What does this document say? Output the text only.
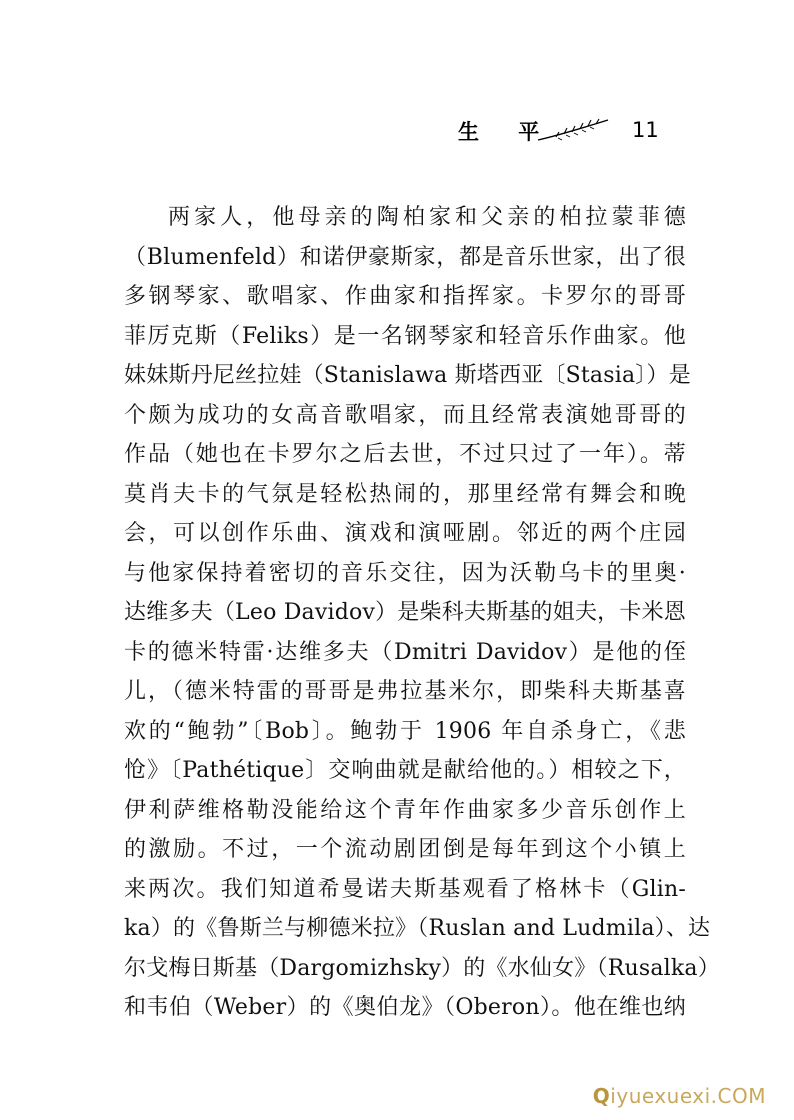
生 平	11
两家人，他母亲的陶柏家和父亲的柏拉蒙菲德
（Blumenfeld）和诺伊豪斯家，都是音乐世家，出了很
多钢琴家、歌唱家、作曲家和指挥家。卡罗尔的哥哥
菲厉克斯（Feliks）是一名钢琴家和轻音乐作曲家。他
妹妹斯丹尼丝拉娃（Stanislawa 斯塔西亚〔Stasia〕）是
个颇为成功的女高音歌唱家，而且经常表演她哥哥的
作品（她也在卡罗尔之后去世，不过只过了一年）。蒂
莫肖夫卡的气氛是轻松热闹的，那里经常有舞会和晚
会，可以创作乐曲、演戏和演哑剧。邻近的两个庄园
与他家保持着密切的音乐交往，因为沃勒乌卡的里奥·
达维多夫（Leo Davidov）是柴科夫斯基的姐夫，卡米恩
卡的德米特雷·达维多夫（Dmitri Davidov）是他的侄
儿，（德米特雷的哥哥是弗拉基米尔，即柴科夫斯基喜
欢的“鲍勃”〔Bob〕。鲍勃于 1906 年自杀身亡，《悲
怆》〔Pathétique〕交响曲就是献给他的。）相较之下，
伊利萨维格勒没能给这个青年作曲家多少音乐创作上
的激励。不过，一个流动剧团倒是每年到这个小镇上
来两次。我们知道希曼诺夫斯基观看了格林卡（Glin-
ka）的《鲁斯兰与柳德米拉》（Ruslan and Ludmila）、达
尔戈梅日斯基（Dargomizhsky）的《水仙女》（Rusalka）
和韦伯（Weber）的《奥伯龙》（Oberon）。他在维也纳
Qiyuexuexi.COM
